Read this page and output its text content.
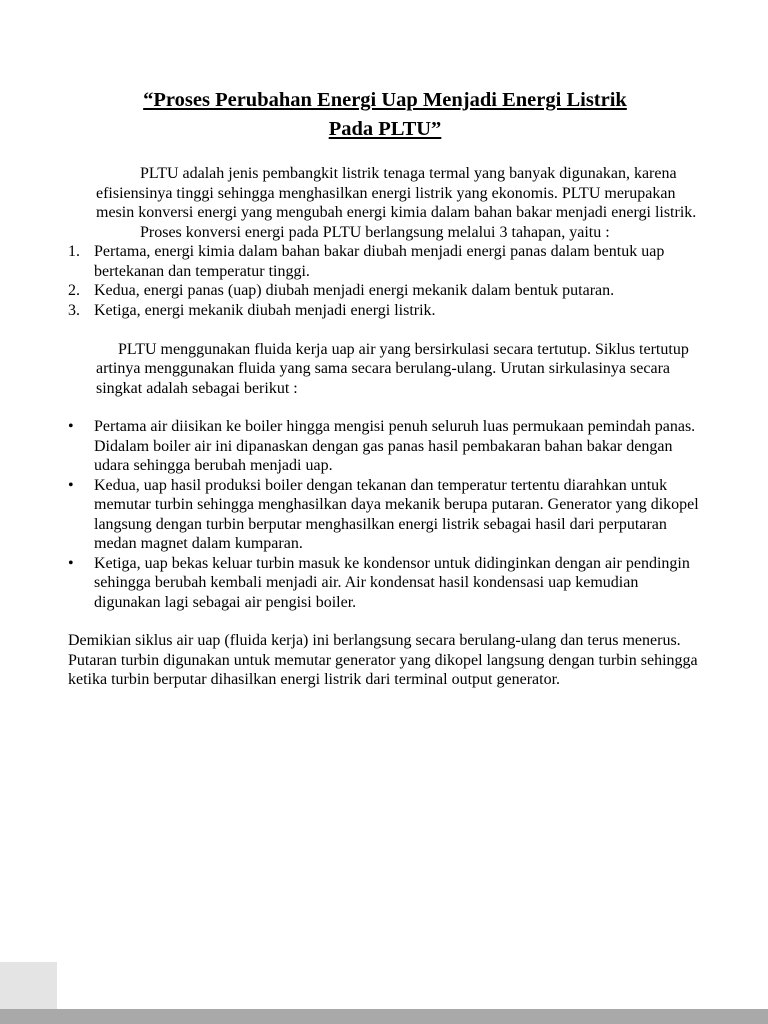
“Proses Perubahan Energi Uap Menjadi Energi Listrik
Pada PLTU”

PLTU adalah jenis pembangkit listrik tenaga termal yang banyak digunakan, karena efisiensinya tinggi sehingga menghasilkan energi listrik yang ekonomis. PLTU merupakan mesin konversi energi yang mengubah energi kimia dalam bahan bakar menjadi energi listrik.

Proses konversi energi pada PLTU berlangsung melalui 3 tahapan, yaitu :

1. Pertama, energi kimia dalam bahan bakar diubah menjadi energi panas dalam bentuk uap bertekanan dan temperatur tinggi.
2. Kedua, energi panas (uap) diubah menjadi energi mekanik dalam bentuk putaran.
3. Ketiga, energi mekanik diubah menjadi energi listrik.

PLTU menggunakan fluida kerja uap air yang bersirkulasi secara tertutup. Siklus tertutup artinya menggunakan fluida yang sama secara berulang-ulang. Urutan sirkulasinya secara singkat adalah sebagai berikut :

•	Pertama air diisikan ke boiler hingga mengisi penuh seluruh luas permukaan pemindah panas. Didalam boiler air ini dipanaskan dengan gas panas hasil pembakaran bahan bakar dengan udara sehingga berubah menjadi uap.
•	Kedua, uap hasil produksi boiler dengan tekanan dan temperatur tertentu diarahkan untuk memutar turbin sehingga menghasilkan daya mekanik berupa putaran. Generator yang dikopel langsung dengan turbin berputar menghasilkan energi listrik sebagai hasil dari perputaran medan magnet dalam kumparan.
•	Ketiga, uap bekas keluar turbin masuk ke kondensor untuk didinginkan dengan air pendingin sehingga berubah kembali menjadi air. Air kondensat hasil kondensasi uap kemudian digunakan lagi sebagai air pengisi boiler.

Demikian siklus air uap (fluida kerja) ini berlangsung secara berulang-ulang dan terus menerus. Putaran turbin digunakan untuk memutar generator yang dikopel langsung dengan turbin sehingga ketika turbin berputar dihasilkan energi listrik dari terminal output generator.
